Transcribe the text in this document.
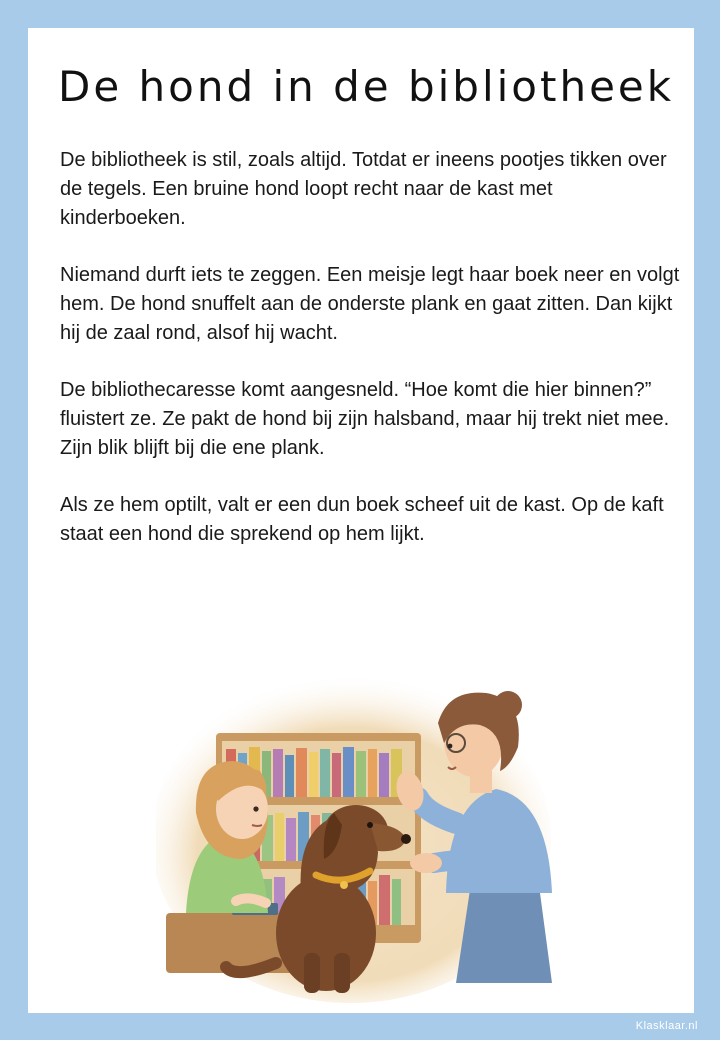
De hond in de bibliotheek

De bibliotheek is stil, zoals altijd. Totdat er ineens pootjes tikken over de tegels. Een bruine hond loopt recht naar de kast met kinderboeken.

Niemand durft iets te zeggen. Een meisje legt haar boek neer en volgt hem. De hond snuffelt aan de onderste plank en gaat zitten. Dan kijkt hij de zaal rond, alsof hij wacht.

De bibliothecaresse komt aangesneld. “Hoe komt die hier binnen?” fluistert ze. Ze pakt de hond bij zijn halsband, maar hij trekt niet mee. Zijn blik blijft bij die ene plank.

Als ze hem optilt, valt er een dun boek scheef uit de kast. Op de kaft staat een hond die sprekend op hem lijkt.

Klasklaar.nl
